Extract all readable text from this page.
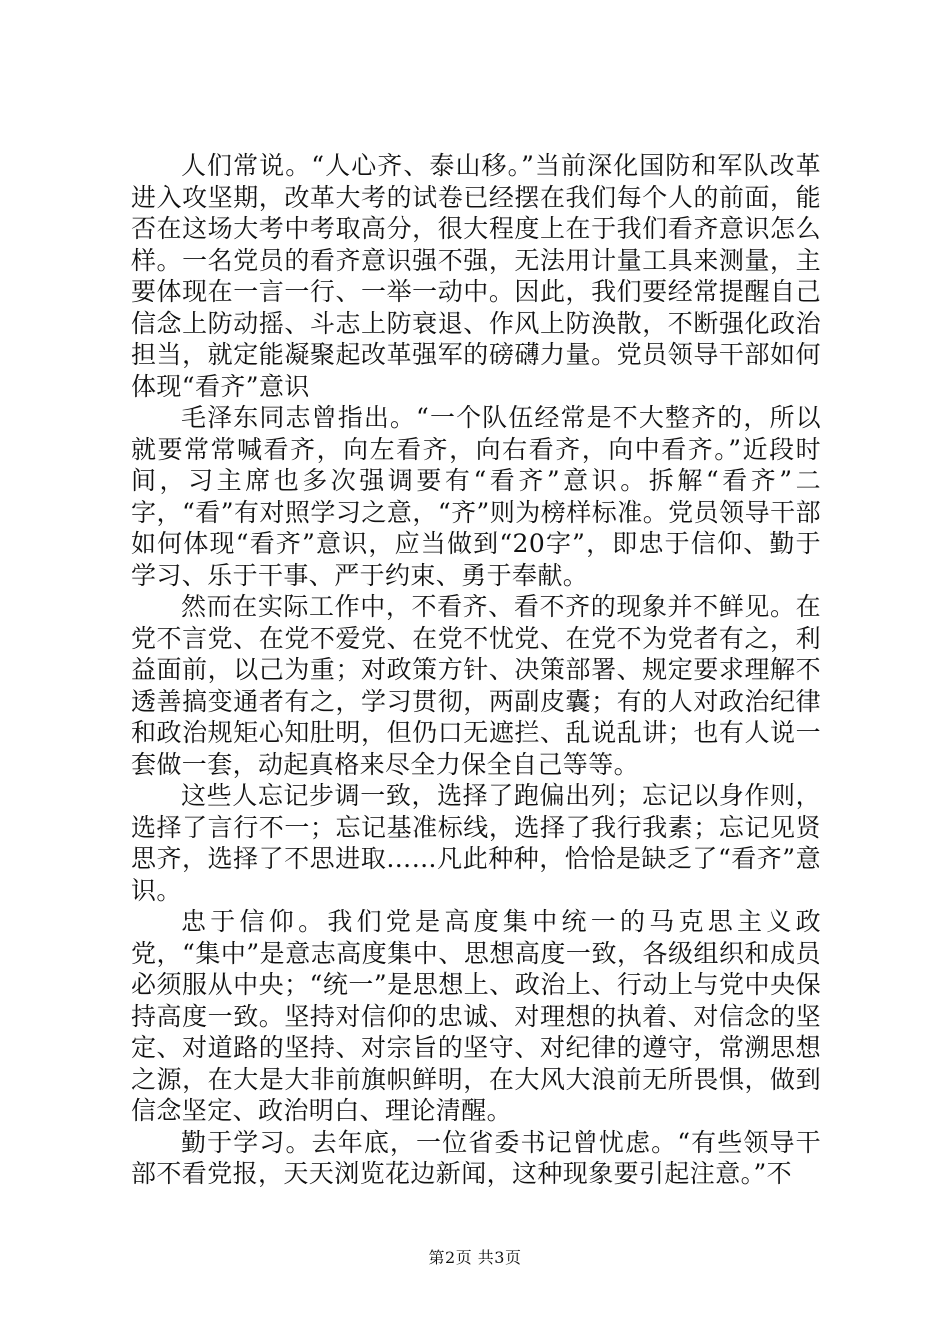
人们常说。“人心齐、泰山移。”当前深化国防和军队改革进入攻坚期，改革大考的试卷已经摆在我们每个人的前面，能否在这场大考中考取高分，很大程度上在于我们看齐意识怎么样。一名党员的看齐意识强不强，无法用计量工具来测量，主要体现在一言一行、一举一动中。因此，我们要经常提醒自己信念上防动摇、斗志上防衰退、作风上防涣散，不断强化政治担当，就定能凝聚起改革强军的磅礴力量。党员领导干部如何体现“看齐”意识

毛泽东同志曾指出。“一个队伍经常是不大整齐的，所以就要常常喊看齐，向左看齐，向右看齐，向中看齐。”近段时间，习主席也多次强调要有“看齐”意识。拆解“看齐”二字，“看”有对照学习之意，“齐”则为榜样标准。党员领导干部如何体现“看齐”意识，应当做到“20字”，即忠于信仰、勤于学习、乐于干事、严于约束、勇于奉献。

然而在实际工作中，不看齐、看不齐的现象并不鲜见。在党不言党、在党不爱党、在党不忧党、在党不为党者有之，利益面前，以己为重；对政策方针、决策部署、规定要求理解不透善搞变通者有之，学习贯彻，两副皮囊；有的人对政治纪律和政治规矩心知肚明，但仍口无遮拦、乱说乱讲；也有人说一套做一套，动起真格来尽全力保全自己等等。

这些人忘记步调一致，选择了跑偏出列；忘记以身作则，选择了言行不一；忘记基准标线，选择了我行我素；忘记见贤思齐，选择了不思进取……凡此种种，恰恰是缺乏了“看齐”意识。

忠于信仰。我们党是高度集中统一的马克思主义政党，“集中”是意志高度集中、思想高度一致，各级组织和成员必须服从中央；“统一”是思想上、政治上、行动上与党中央保持高度一致。坚持对信仰的忠诚、对理想的执着、对信念的坚定、对道路的坚持、对宗旨的坚守、对纪律的遵守，常溯思想之源，在大是大非前旗帜鲜明，在大风大浪前无所畏惧，做到信念坚定、政治明白、理论清醒。

勤于学习。去年底，一位省委书记曾忧虑。“有些领导干部不看党报，天天浏览花边新闻，这种现象要引起注意。”不

第2页 共3页
